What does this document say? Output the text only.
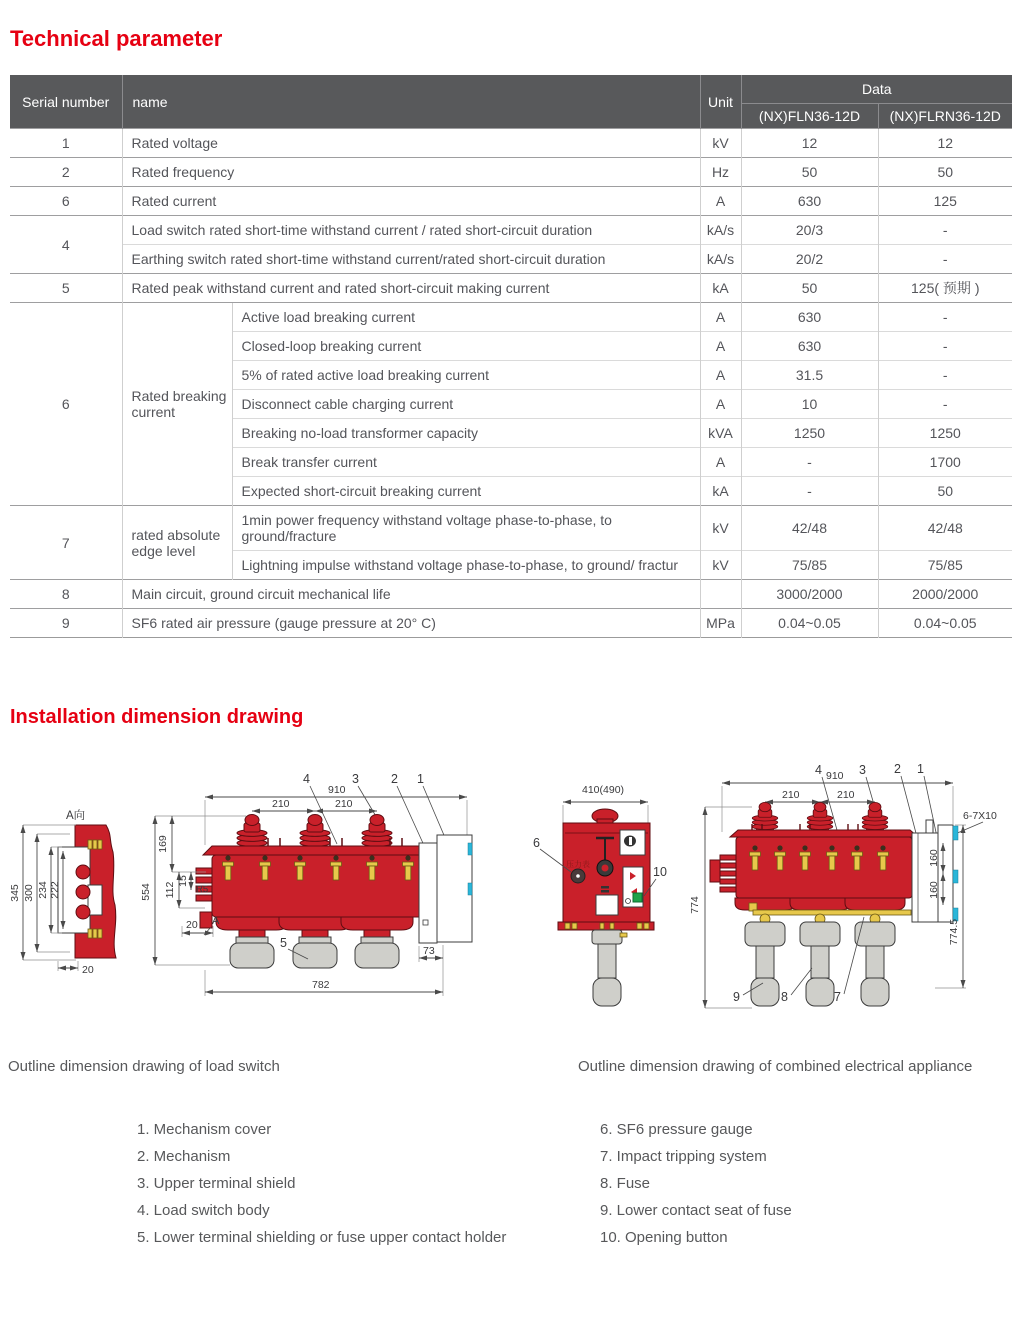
Technical parameter
Serial number	name		Unit	Data	
				(NX)FLN36-12D	(NX)FLRN36-12D
1	Rated voltage		kV	12	12
2	Rated frequency		Hz	50	50
6	Rated current		A	630	125
4	Load switch rated short-time withstand current / rated short-circuit duration		kA/s	20/3	-
	Earthing switch rated short-time withstand current/rated short-circuit duration		kA/s	20/2	-
5	Rated peak withstand current and rated short-circuit making current		kA	50	125( 预期 )
6	Rated breaking current	Active load breaking current	A	630	-
		Closed-loop breaking current	A	630	-
		5% of rated active load breaking current	A	31.5	-
		Disconnect cable charging current	A	10	-
		Breaking no-load transformer capacity	kVA	1250	1250
		Break transfer current	A	-	1700
		Expected short-circuit breaking current	kA	-	50
7	rated absolute edge level	1min power frequency withstand voltage phase-to-phase, to ground/fracture	kV	42/48	42/48
		Lightning impulse withstand voltage phase-to-phase, to ground/ fractur	kV	75/85	75/85
8	Main circuit, ground circuit mechanical life			3000/2000	2000/2000
9	SF6 rated air pressure (gauge pressure at 20° C)		MPa	0.04~0.05	0.04~0.05
Installation dimension drawing
A向
345 300 234 222
20
910
210	210
4	3	2 1
554
169
112
15
R5
20 A
782
73
5
410(490)
压力表
6
10
910
210	210
4	3 2 1
6-7X10
160
160
774
774.5
9	8	7
Outline dimension drawing of load switch	Outline dimension drawing of combined electrical appliance
1. Mechanism cover
2. Mechanism
3. Upper terminal shield
4. Load switch body
5. Lower terminal shielding or fuse upper contact holder
6. SF6 pressure gauge
7. Impact tripping system
8. Fuse
9. Lower contact seat of fuse
10. Opening button
